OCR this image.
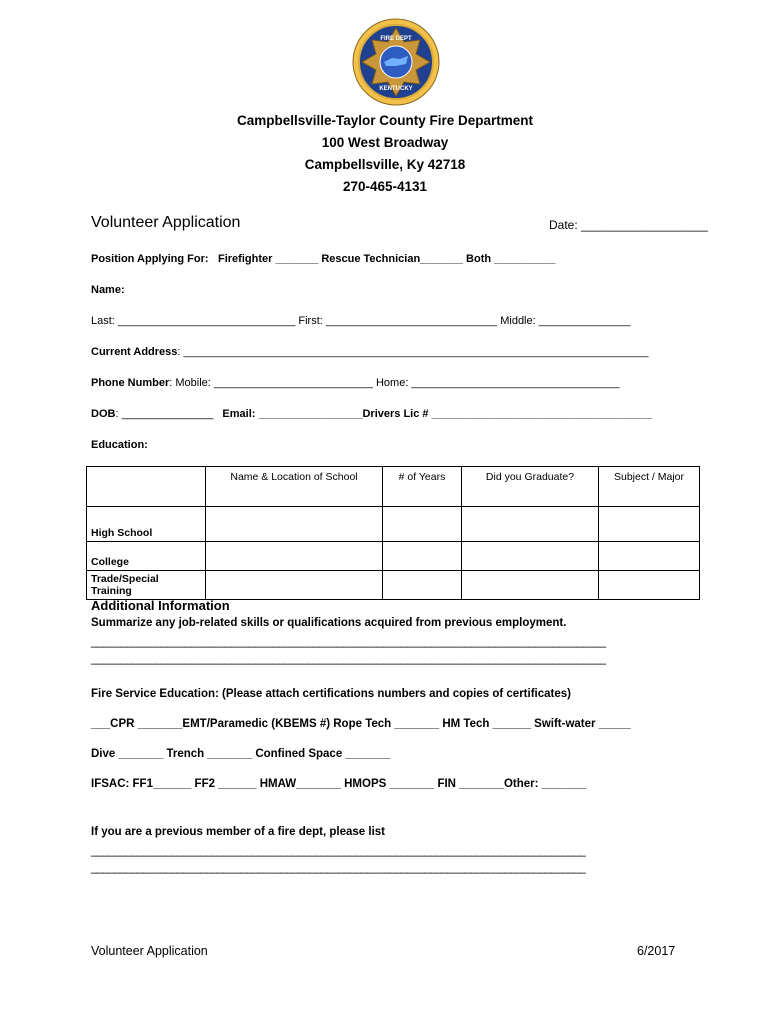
FIRE DEPT
KENTUCKY
Campbellsville-Taylor County Fire Department
100 West Broadway
Campbellsville, Ky 42718
270-465-4131
Volunteer Application	Date: ___________________
Position Applying For: Firefighter _______ Rescue Technician_______ Both __________
Name:
Last: _____________________________ First: ____________________________ Middle: _______________
Current Address: ____________________________________________________________________________
Phone Number: Mobile: __________________________ Home: __________________________________
DOB: _______________ Email: _________________Drivers Lic # ____________________________________
Education:
	Name & Location of School	# of Years	Did you Graduate?	Subject / Major
High School				
College				
Trade/Special Training				
Additional Information
Summarize any job-related skills or qualifications acquired from previous employment.
________________________________________________________________________________________
________________________________________________________________________________________
Fire Service Education: (Please attach certifications numbers and copies of certificates)
___CPR _______EMT/Paramedic (KBEMS #) Rope Tech _______ HM Tech ______ Swift-water _____
Dive _______ Trench _______ Confined Space _______
IFSAC: FF1______ FF2 ______ HMAW_______ HMOPS _______ FIN _______Other: _______
If you are a previous member of a fire dept, please list
______________________________________________________________________________________
______________________________________________________________________________________
Volunteer Application	6/2017
